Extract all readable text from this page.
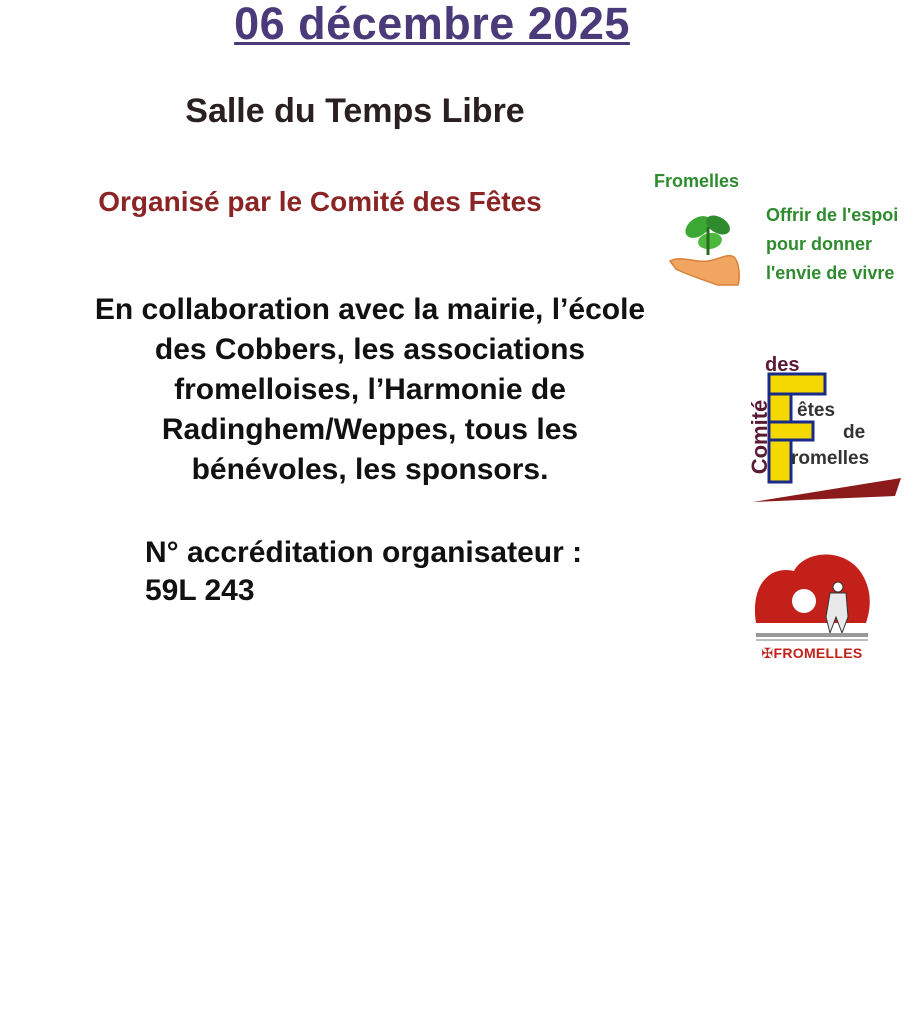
06 décembre 2025
Salle du Temps Libre
Organisé par le Comité des Fêtes
En collaboration avec la mairie, l’école
des Cobbers, les associations
fromelloises, l’Harmonie de
Radinghem/Weppes, tous les
bénévoles, les sponsors.
N° accréditation organisateur :
59L 243
Fromelles
Offrir de l'espoi
pour donner
l'envie de vivre
Comité
des
êtes
de
romelles
✠FROMELLES
